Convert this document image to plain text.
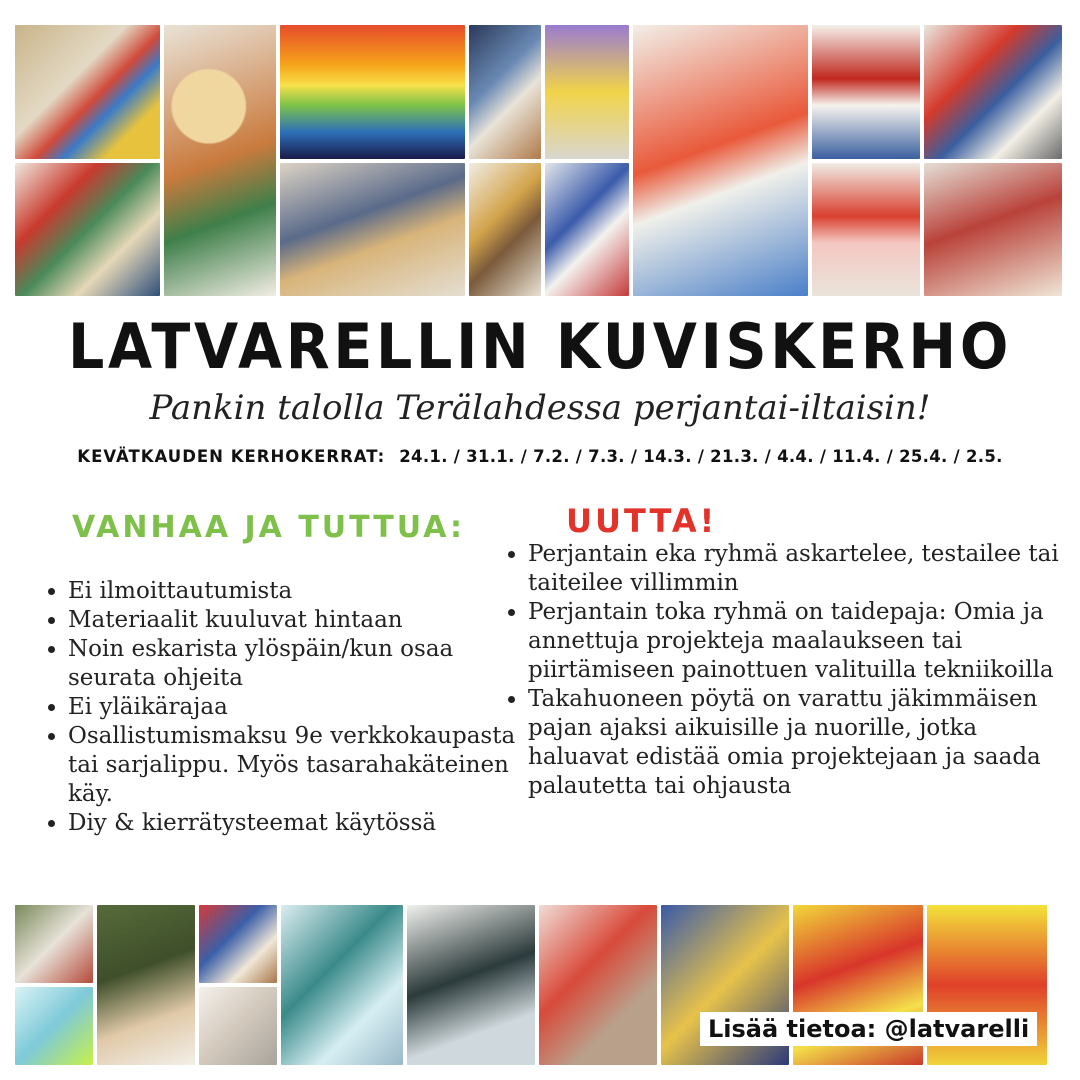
LATVARELLIN KUVISKERHO
Pankin talolla Terälahdessa perjantai-iltaisin!
KEVÄTKAUDEN KERHOKERRAT: 24.1. / 31.1. / 7.2. / 7.3. / 14.3. / 21.3. / 4.4. / 11.4. / 25.4. / 2.5.
VANHAA JA TUTTUA:
• Ei ilmoittautumista
• Materiaalit kuuluvat hintaan
• Noin eskarista ylöspäin/kun osaa seurata ohjeita
• Ei yläikärajaa
• Osallistumismaksu 9e verkkokaupasta tai sarjalippu. Myös tasarahakäteinen käy.
• Diy & kierrätysteemat käytössä
UUTTA!
• Perjantain eka ryhmä askartelee, testailee tai taiteilee villimmin
• Perjantain toka ryhmä on taidepaja: Omia ja annettuja projekteja maalaukseen tai piirtämiseen painottuen valituilla tekniikoilla
• Takahuoneen pöytä on varattu jäkimmäisen pajan ajaksi aikuisille ja nuorille, jotka haluavat edistää omia projektejaan ja saada palautetta tai ohjausta
Lisää tietoa: @latvarelli
